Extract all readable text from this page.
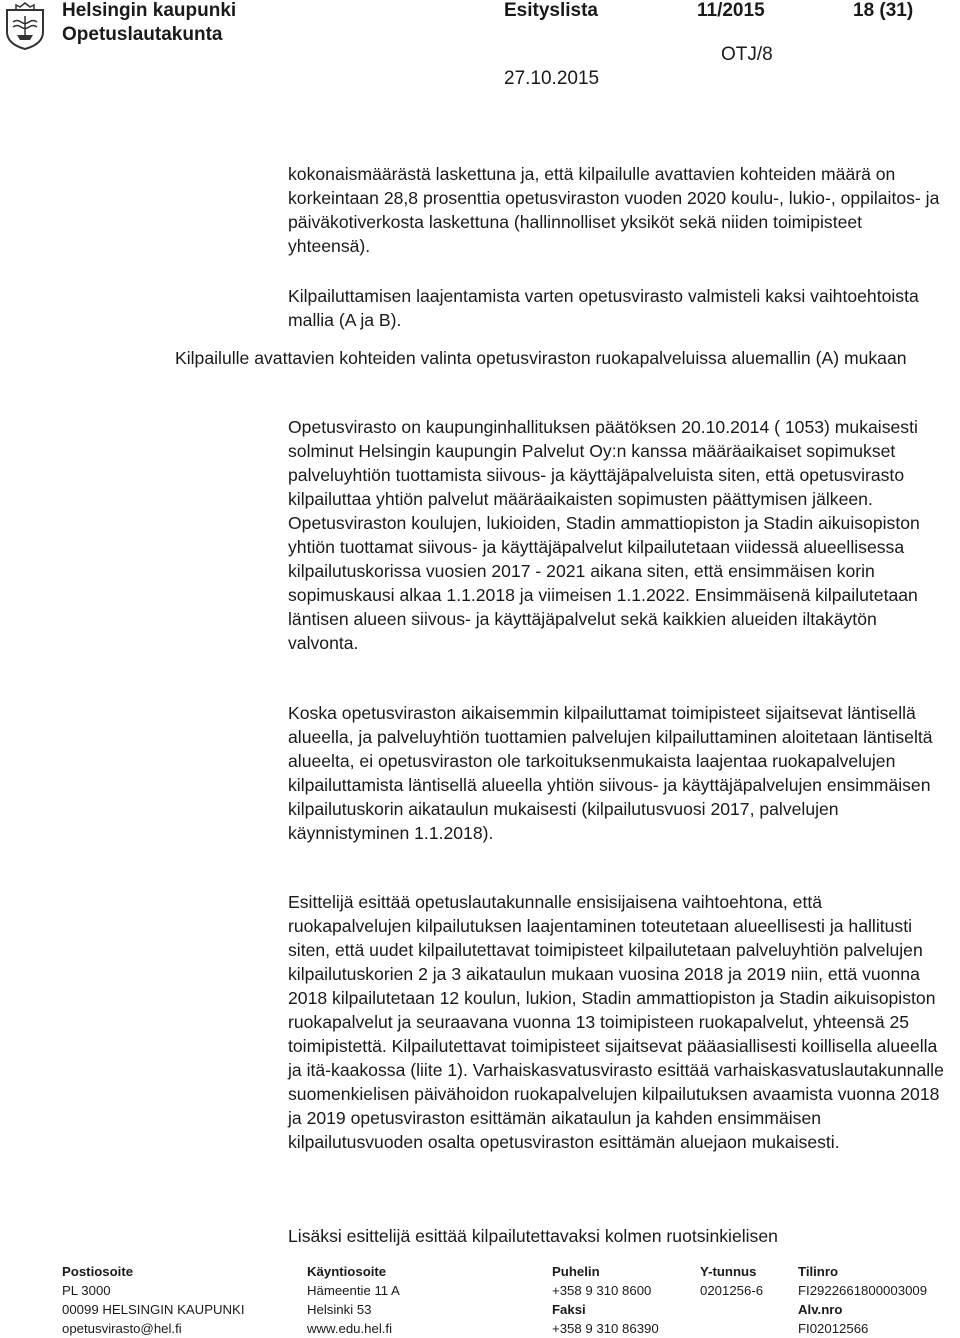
Helsingin kaupunki
Opetuslautakunta
Esityslista	11/2015	18 (31)
OTJ/8
27.10.2015

kokonaismäärästä laskettuna ja, että kilpailulle avattavien kohteiden määrä on korkeintaan 28,8 prosenttia opetusviraston vuoden 2020 koulu-, lukio-, oppilaitos- ja päiväkotiverkosta laskettuna (hallinnolliset yksiköt sekä niiden toimipisteet yhteensä).

Kilpailuttamisen laajentamista varten opetusvirasto valmisteli kaksi vaihtoehtoista mallia (A ja B).

Kilpailulle avattavien kohteiden valinta opetusviraston ruokapalveluissa aluemallin (A) mukaan

Opetusvirasto on kaupunginhallituksen päätöksen 20.10.2014 ( 1053) mukaisesti solminut Helsingin kaupungin Palvelut Oy:n kanssa määräaikaiset sopimukset palveluyhtiön tuottamista siivous- ja käyttäjäpalveluista siten, että opetusvirasto kilpailuttaa yhtiön palvelut määräaikaisten sopimusten päättymisen jälkeen. Opetusviraston koulujen, lukioiden, Stadin ammattiopiston ja Stadin aikuisopiston yhtiön tuottamat siivous- ja käyttäjäpalvelut kilpailutetaan viidessä alueellisessa kilpailutuskorissa vuosien 2017 - 2021 aikana siten, että ensimmäisen korin sopimuskausi alkaa 1.1.2018 ja viimeisen 1.1.2022. Ensimmäisenä kilpailutetaan läntisen alueen siivous- ja käyttäjäpalvelut sekä kaikkien alueiden iltakäytön valvonta.

Koska opetusviraston aikaisemmin kilpailuttamat toimipisteet sijaitsevat läntisellä alueella, ja palveluyhtiön tuottamien palvelujen kilpailuttaminen aloitetaan läntiseltä alueelta, ei opetusviraston ole tarkoituksenmukaista laajentaa ruokapalvelujen kilpailuttamista läntisellä alueella yhtiön siivous- ja käyttäjäpalvelujen ensimmäisen kilpailutuskorin aikataulun mukaisesti (kilpailutusvuosi 2017, palvelujen käynnistyminen 1.1.2018).

Esittelijä esittää opetuslautakunnalle ensisijaisena vaihtoehtona, että ruokapalvelujen kilpailutuksen laajentaminen toteutetaan alueellisesti ja hallitusti siten, että uudet kilpailutettavat toimipisteet kilpailutetaan palveluyhtiön palvelujen kilpailutuskorien 2 ja 3 aikataulun mukaan vuosina 2018 ja 2019 niin, että vuonna 2018 kilpailutetaan 12 koulun, lukion, Stadin ammattiopiston ja Stadin aikuisopiston ruokapalvelut ja seuraavana vuonna 13 toimipisteen ruokapalvelut, yhteensä 25 toimipistettä. Kilpailutettavat toimipisteet sijaitsevat pääasiallisesti koillisella alueella ja itä-kaakossa (liite 1). Varhaiskasvatusvirasto esittää varhaiskasvatuslautakunnalle suomenkielisen päivähoidon ruokapalvelujen kilpailutuksen avaamista vuonna 2018 ja 2019 opetusviraston esittämän aikataulun ja kahden ensimmäisen kilpailutusvuoden osalta opetusviraston esittämän aluejaon mukaisesti.

Lisäksi esittelijä esittää kilpailutettavaksi kolmen ruotsinkielisen

Postiosoite
PL 3000
00099 HELSINGIN KAUPUNKI
opetusvirasto@hel.fi
Käyntiosoite
Hämeentie 11 A
Helsinki 53
www.edu.hel.fi
Puhelin
+358 9 310 8600
Faksi
+358 9 310 86390
Y-tunnus
0201256-6
Tilinro
FI2922661800003009
Alv.nro
FI02012566
